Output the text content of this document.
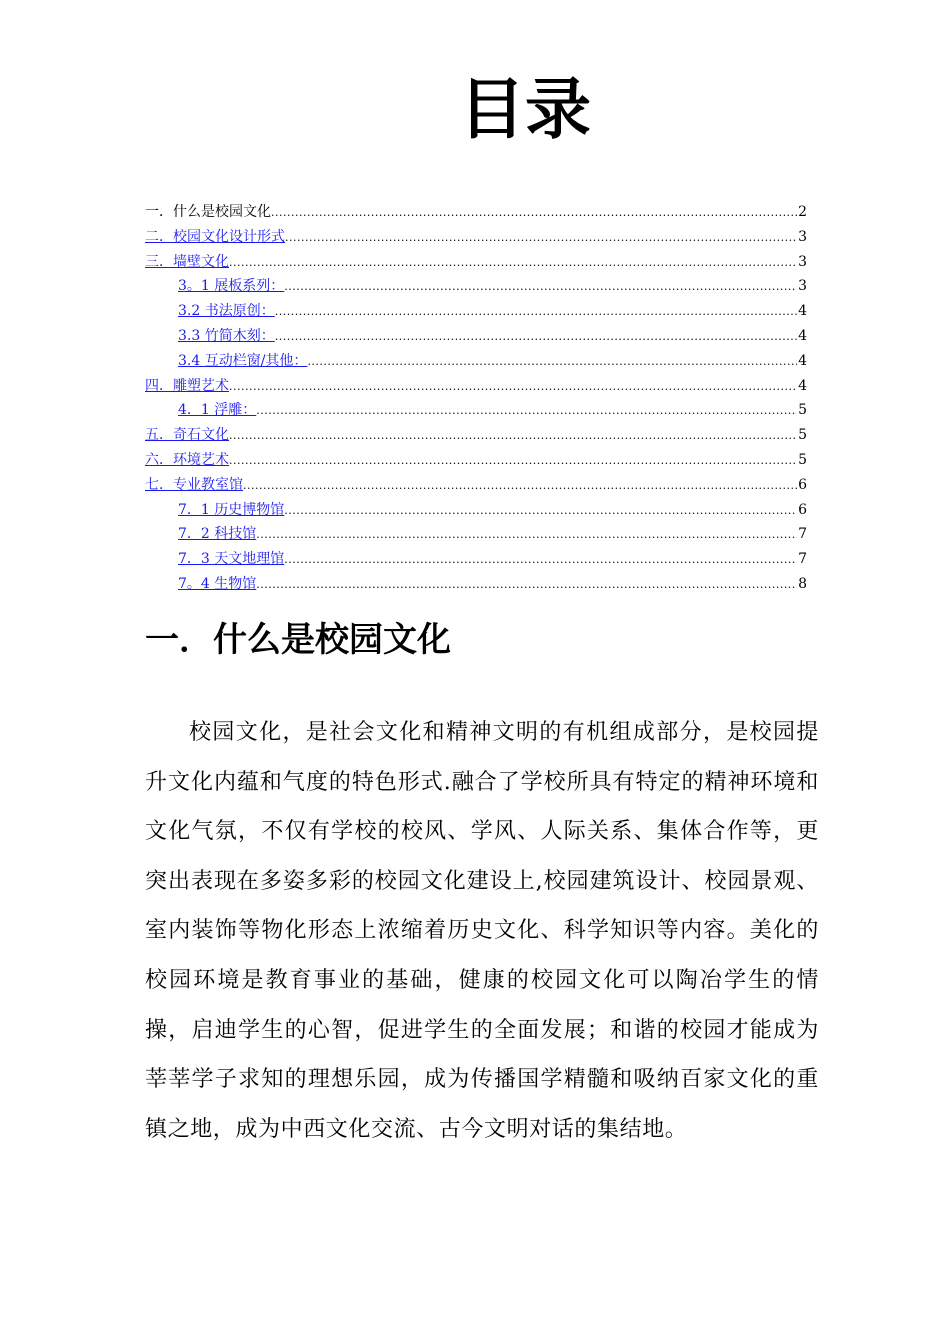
目录
一．什么是校园文化 .....	2
二．校园文化设计形式 .....	3
三．墙壁文化 .....	3
3。1 展板系列： .....	3
3.2 书法原创： .....	4
3.3 竹简木刻： .....	4
3.4 互动栏窗/其他： .....	4
四．雕塑艺术 .....	4
4．1 浮雕： .....	5
五．奇石文化 .....	5
六．环境艺术 .....	5
七．专业教室馆 .....	6
7．1 历史博物馆 .....	6
7．2 科技馆 .....	7
7．3 天文地理馆 .....	7
7。4 生物馆 .....	8
一．什么是校园文化
校园文化，是社会文化和精神文明的有机组成部分，是校园提升文化内蕴和气度的特色形式.融合了学校所具有特定的精神环境和文化气氛，不仅有学校的校风、学风、人际关系、集体合作等，更突出表现在多姿多彩的校园文化建设上,校园建筑设计、校园景观、室内装饰等物化形态上浓缩着历史文化、科学知识等内容。美化的校园环境是教育事业的基础，健康的校园文化可以陶冶学生的情操，启迪学生的心智，促进学生的全面发展；和谐的校园才能成为莘莘学子求知的理想乐园，成为传播国学精髓和吸纳百家文化的重镇之地，成为中西文化交流、古今文明对话的集结地。
